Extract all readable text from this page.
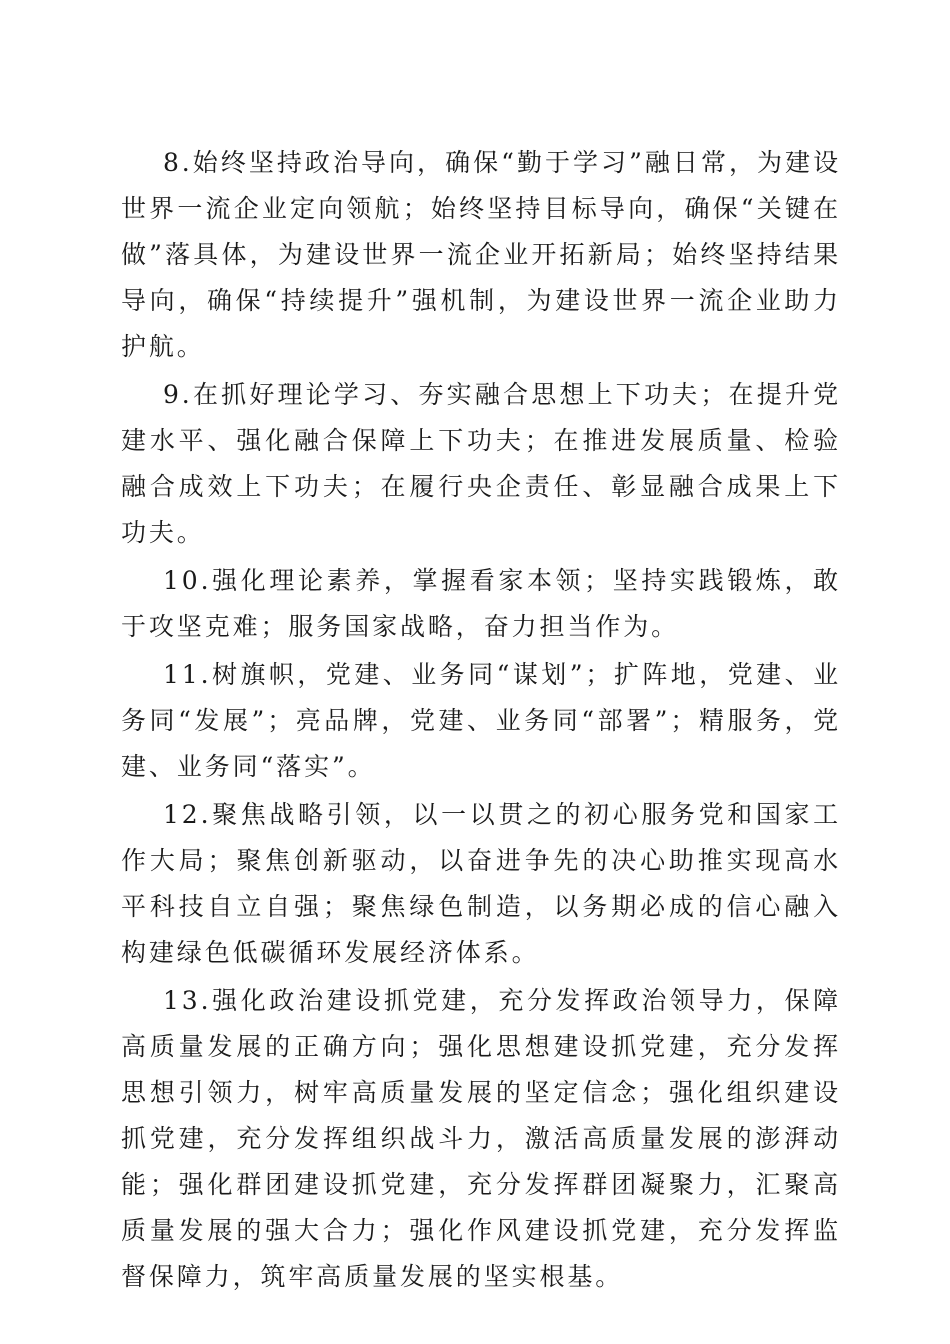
8.始终坚持政治导向，确保“勤于学习”融日常，为建设世界一流企业定向领航；始终坚持目标导向，确保“关键在做”落具体，为建设世界一流企业开拓新局；始终坚持结果导向，确保“持续提升”强机制，为建设世界一流企业助力护航。

9.在抓好理论学习、夯实融合思想上下功夫；在提升党建水平、强化融合保障上下功夫；在推进发展质量、检验融合成效上下功夫；在履行央企责任、彰显融合成果上下功夫。

10.强化理论素养，掌握看家本领；坚持实践锻炼，敢于攻坚克难；服务国家战略，奋力担当作为。

11.树旗帜，党建、业务同“谋划”；扩阵地，党建、业务同“发展”；亮品牌，党建、业务同“部署”；精服务，党建、业务同“落实”。

12.聚焦战略引领，以一以贯之的初心服务党和国家工作大局；聚焦创新驱动，以奋进争先的决心助推实现高水平科技自立自强；聚焦绿色制造，以务期必成的信心融入构建绿色低碳循环发展经济体系。

13.强化政治建设抓党建，充分发挥政治领导力，保障高质量发展的正确方向；强化思想建设抓党建，充分发挥思想引领力，树牢高质量发展的坚定信念；强化组织建设抓党建，充分发挥组织战斗力，激活高质量发展的澎湃动能；强化群团建设抓党建，充分发挥群团凝聚力，汇聚高质量发展的强大合力；强化作风建设抓党建，充分发挥监督保障力，筑牢高质量发展的坚实根基。
